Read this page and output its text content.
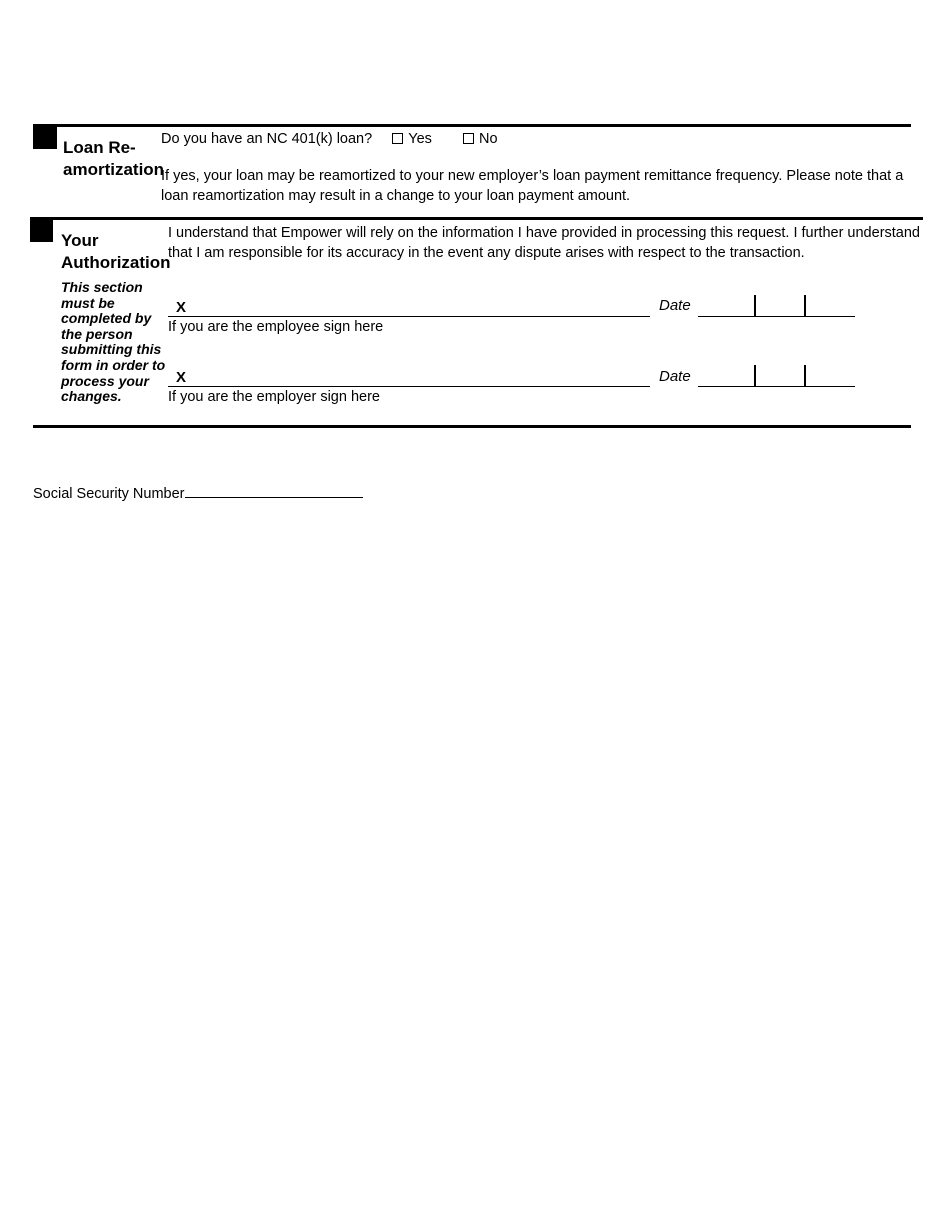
Loan Re-
amortization
Do you have an NC 401(k) loan? Yes	No
If yes, your loan may be reamortized to your new employer’s loan payment remittance frequency. Please note that a
loan reamortization may result in a change to your loan payment amount.
Your
Authorization
I understand that Empower will rely on the information I have provided in processing this request. I further understand
that I am responsible for its accuracy in the event any dispute arises with respect to the transaction.
This section
must be
completed by
the person
submitting this
form in order to
process your
changes.
X	Date
If you are the employee sign here
X	Date
If you are the employer sign here
Social Security Number
